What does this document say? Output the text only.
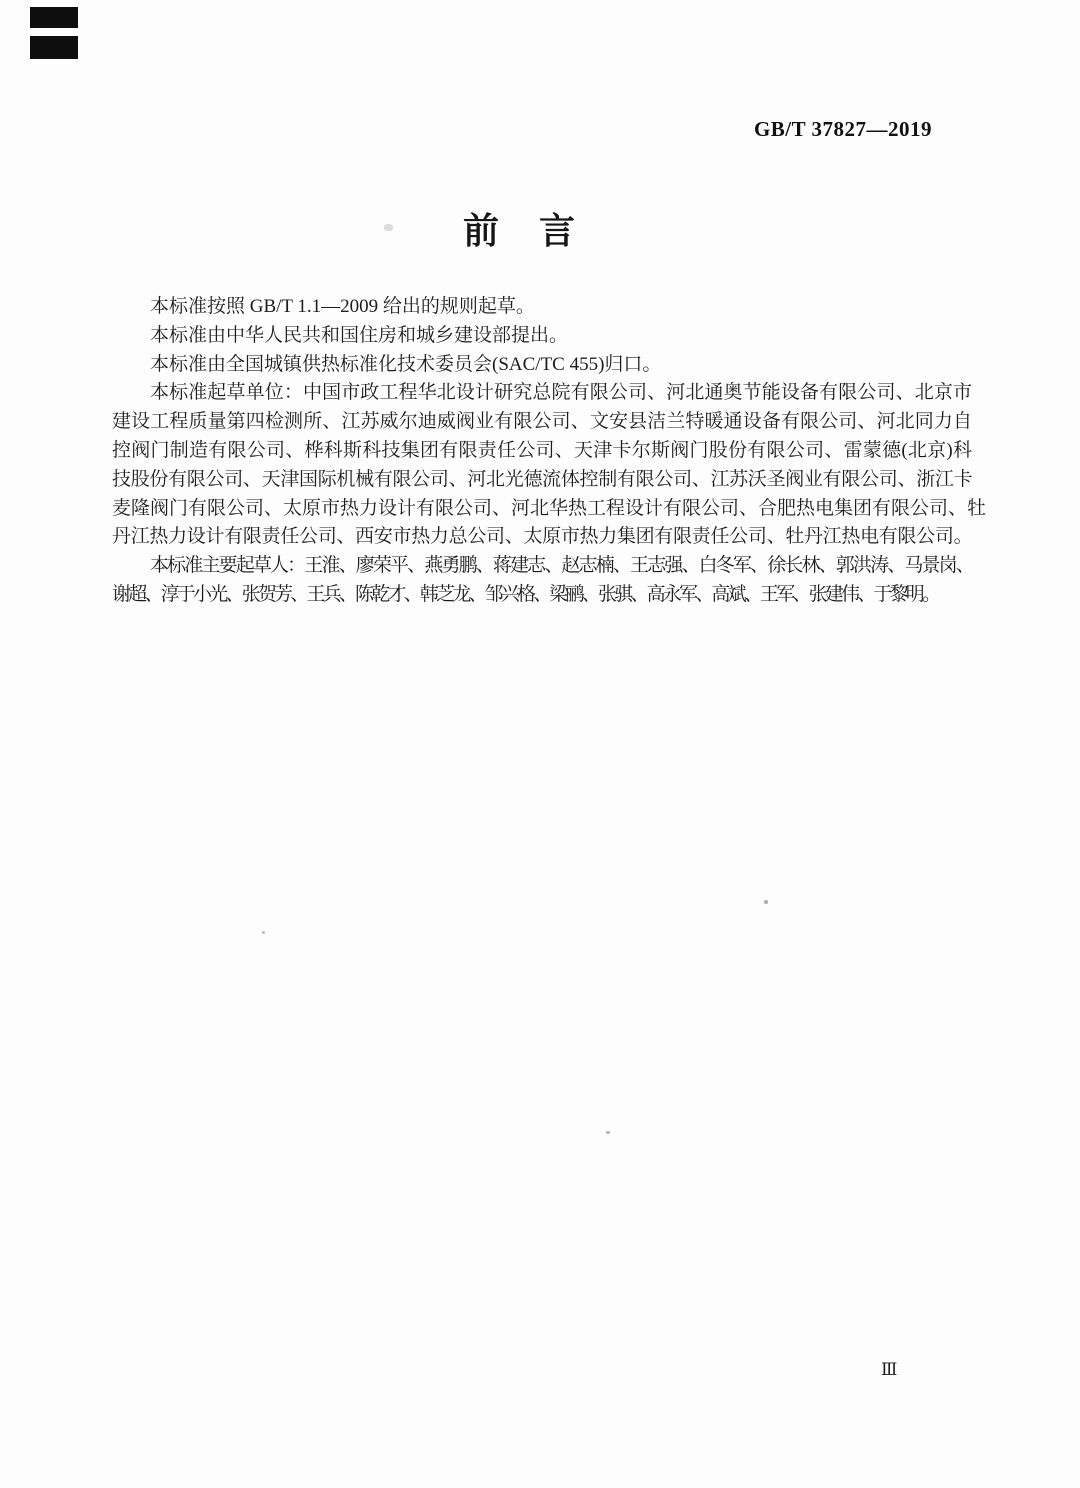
GB/T 37827—2019
前　言
本标准按照 GB/T 1.1—2009 给出的规则起草。
本标准由中华人民共和国住房和城乡建设部提出。
本标准由全国城镇供热标准化技术委员会(SAC/TC 455)归口。
本标准起草单位：中国市政工程华北设计研究总院有限公司、河北通奥节能设备有限公司、北京市
建设工程质量第四检测所、江苏威尔迪威阀业有限公司、文安县洁兰特暖通设备有限公司、河北同力自
控阀门制造有限公司、桦科斯科技集团有限责任公司、天津卡尔斯阀门股份有限公司、雷蒙德(北京)科
技股份有限公司、天津国际机械有限公司、河北光德流体控制有限公司、江苏沃圣阀业有限公司、浙江卡
麦隆阀门有限公司、太原市热力设计有限公司、河北华热工程设计有限公司、合肥热电集团有限公司、牡
丹江热力设计有限责任公司、西安市热力总公司、太原市热力集团有限责任公司、牡丹江热电有限公司。
本标准主要起草人：王淮、廖荣平、燕勇鹏、蒋建志、赵志楠、王志强、白冬军、徐长林、郭洪涛、马景岗、
谢超、淳于小光、张贺芳、王兵、陈乾才、韩芝龙、邹兴格、梁鹂、张骐、高永军、高斌、王军、张建伟、于黎明。
Ⅲ
